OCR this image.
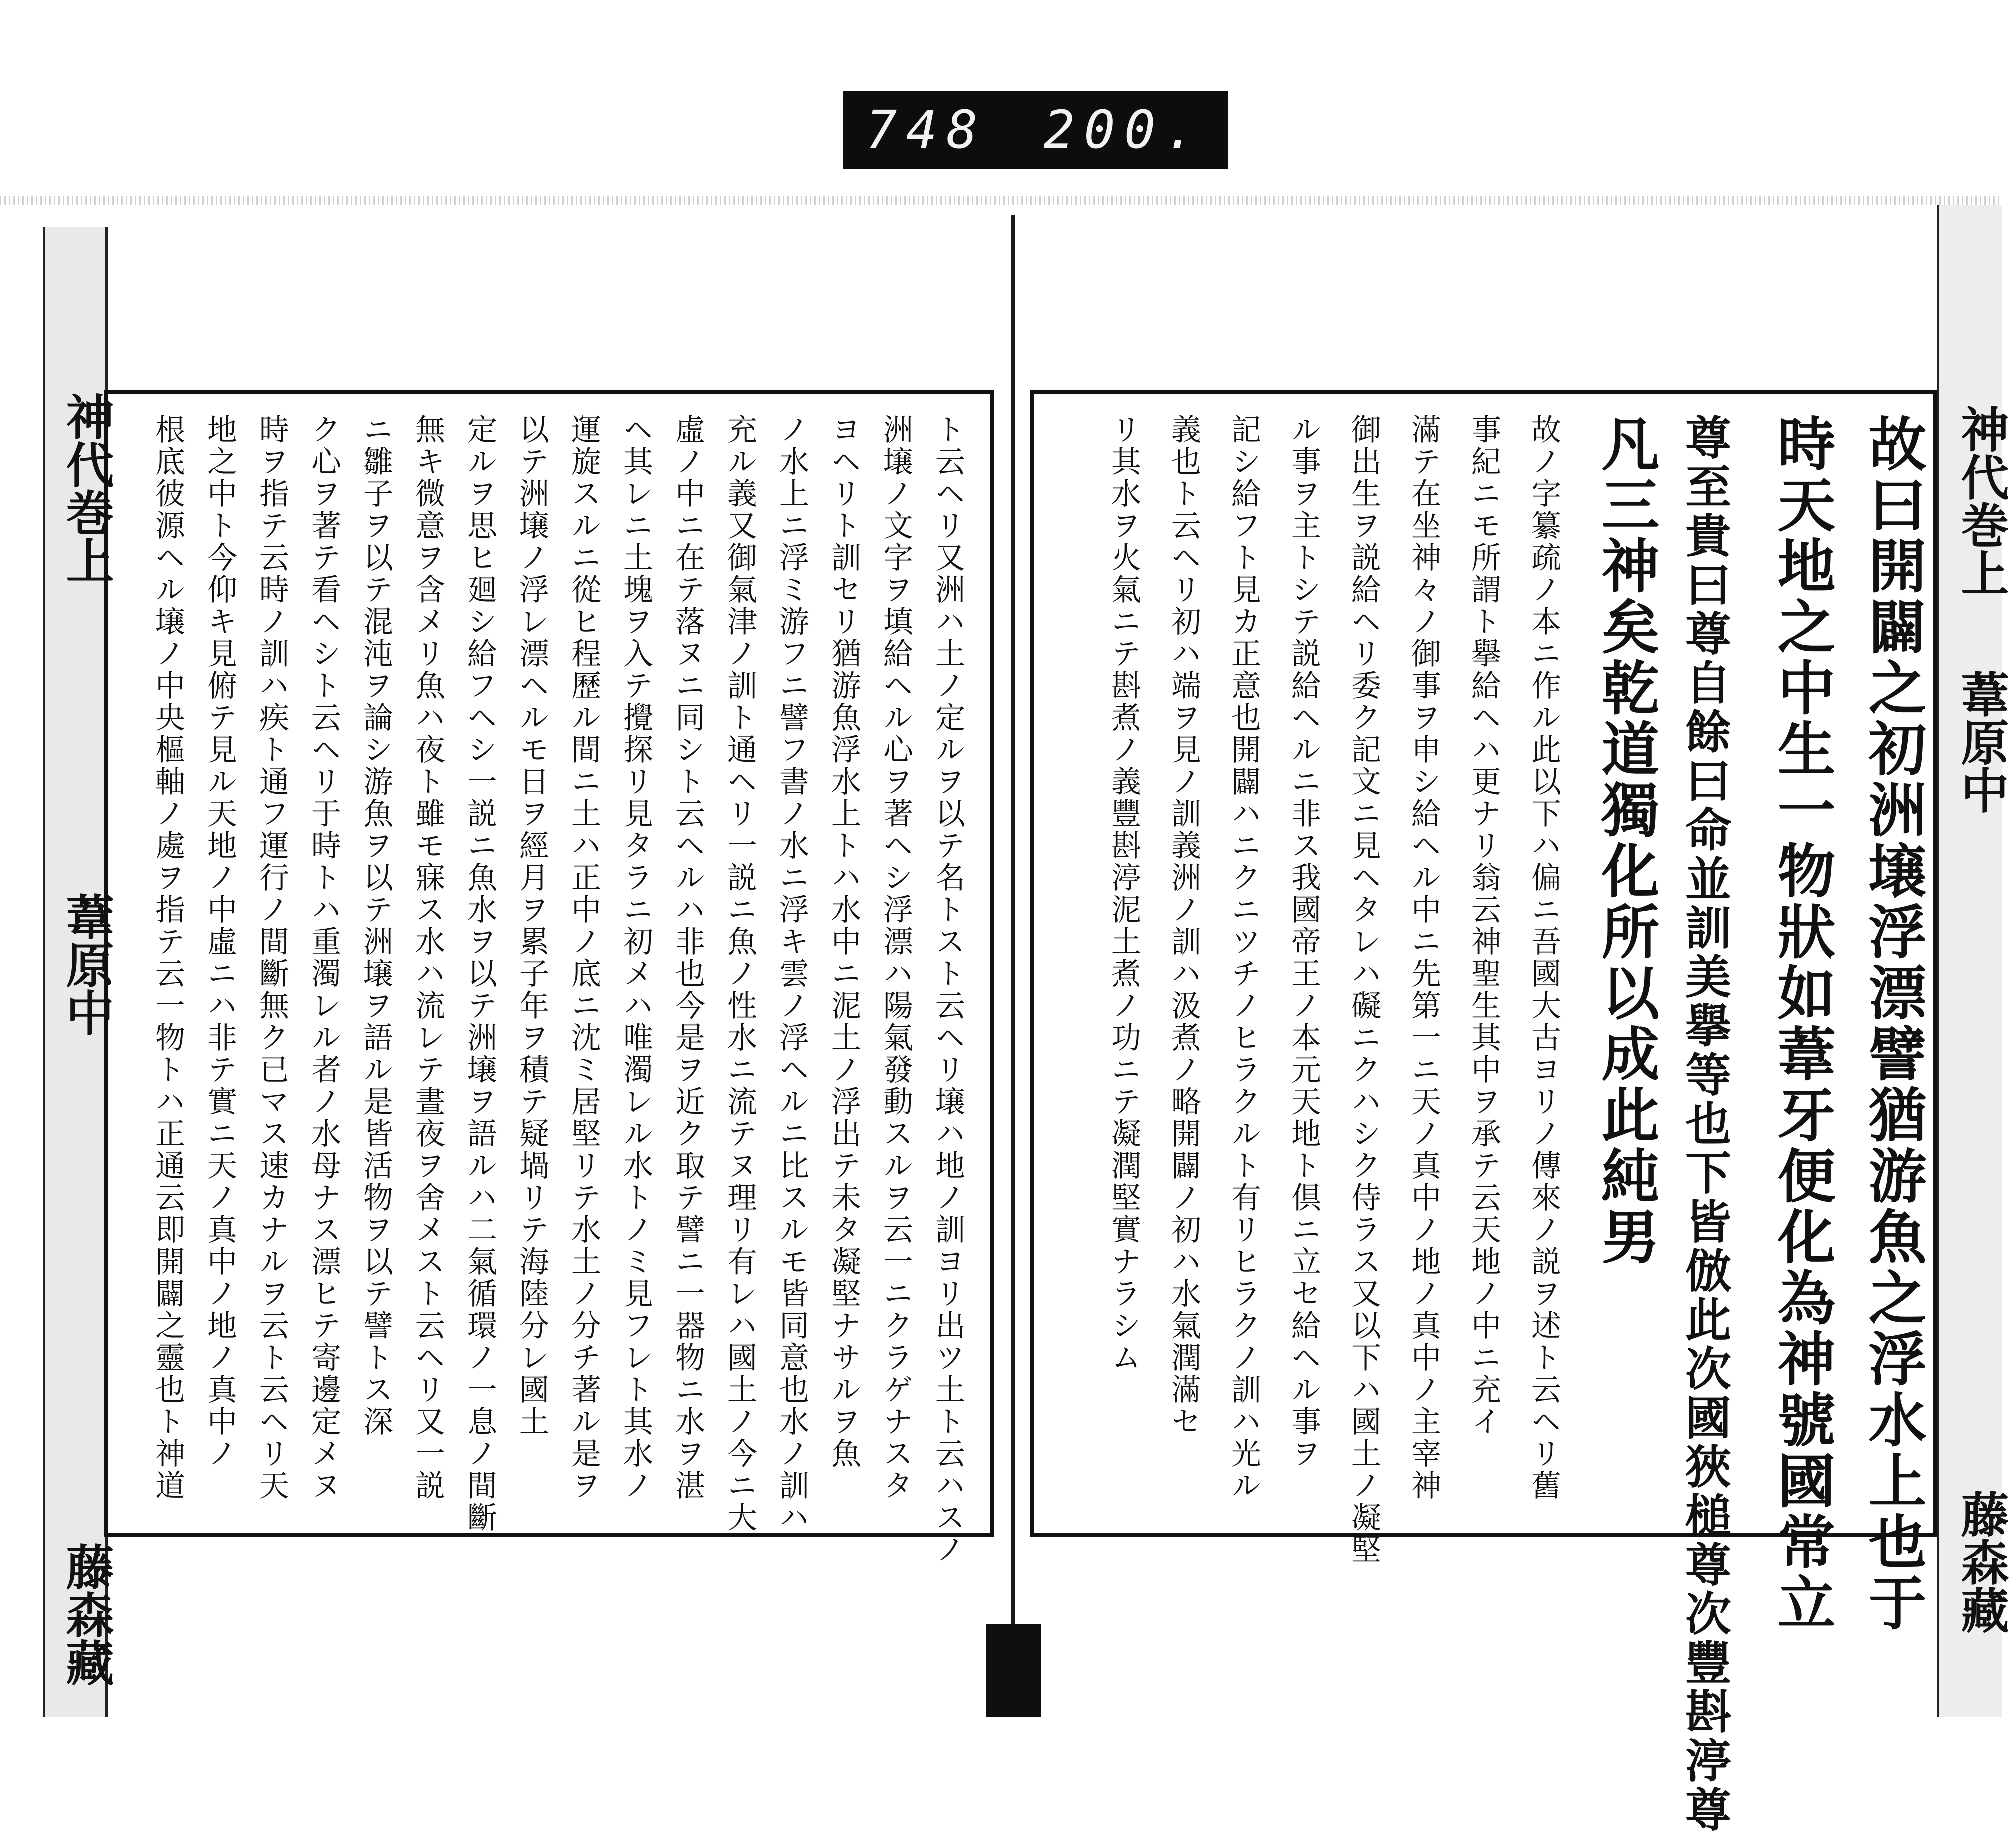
748 200.
神代巻上
葦原中
藤森藏
神代巻上
葦原中
藤森藏
故曰開闢之初洲壌浮漂譬猶游魚之浮水上也于
時天地之中生一物狀如葦牙便化為神號國常立
尊至貴曰尊自餘曰命並訓美擧等也下皆倣此次國狹槌尊次豐斟渟尊
凡三神矣乾道獨化所以成此純男
故ノ字纂疏ノ本ニ作ル此以下ハ偏ニ吾國大古ヨリノ傳來ノ説ヲ述ト云ヘリ舊
事紀ニモ所謂ト擧給ヘハ更ナリ翁云神聖生其中ヲ承テ云天地ノ中ニ充イ
滿テ在坐神々ノ御事ヲ申シ給ヘル中ニ先第一ニ天ノ真中ノ地ノ真中ノ主宰神
御出生ヲ説給ヘリ委ク記文ニ見ヘタレハ礙ニクハシク侍ラス又以下ハ國土ノ凝堅
ル事ヲ主トシテ説給ヘルニ非ス我國帝王ノ本元天地ト倶ニ立セ給ヘル事ヲ
記シ給フト見カ正意也開闢ハニクニツチノヒラクルト有リヒラクノ訓ハ光ル
義也ト云ヘリ初ハ端ヲ見ノ訓義洲ノ訓ハ汲煮ノ略開闢ノ初ハ水氣潤滿セ
リ其水ヲ火氣ニテ斟煮ノ義豐斟渟泥土煮ノ功ニテ凝潤堅實ナラシム
ト云ヘリ又洲ハ土ノ定ルヲ以テ名トスト云ヘリ壌ハ地ノ訓ヨリ出ツ土ト云ハスノ
洲壌ノ文字ヲ填給ヘル心ヲ著ヘシ浮漂ハ陽氣發動スルヲ云一ニクラゲナスタ
ヨヘリト訓セリ猶游魚浮水上トハ水中ニ泥土ノ浮出テ未タ凝堅ナサルヲ魚
ノ水上ニ浮ミ游フニ譬フ書ノ水ニ浮キ雲ノ浮ヘルニ比スルモ皆同意也水ノ訓ハ
充ル義又御氣津ノ訓ト通ヘリ一説ニ魚ノ性水ニ流テヌ理リ有レハ國土ノ今ニ大
虛ノ中ニ在テ落ヌニ同シト云ヘルハ非也今是ヲ近ク取テ譬ニ一器物ニ水ヲ湛
ヘ其レニ土塊ヲ入テ攪探リ見タラニ初メハ唯濁レル水トノミ見フレト其水ノ
運旋スルニ從ヒ程歷ル間ニ土ハ正中ノ底ニ沈ミ居堅リテ水土ノ分チ著ル是ヲ
以テ洲壌ノ浮レ漂ヘルモ日ヲ經月ヲ累子年ヲ積テ疑堝リテ海陸分レ國土
定ルヲ思ヒ廻シ給フヘシ一説ニ魚水ヲ以テ洲壌ヲ語ルハ二氣循環ノ一息ノ間斷
無キ微意ヲ含メリ魚ハ夜ト雖モ寐ス水ハ流レテ晝夜ヲ舍メスト云ヘリ又一説
ニ雛子ヲ以テ混沌ヲ論シ游魚ヲ以テ洲壌ヲ語ル是皆活物ヲ以テ譬トス深
ク心ヲ著テ看ヘシト云ヘリ于時トハ重濁レル者ノ水母ナス漂ヒテ寄邊定メヌ
時ヲ指テ云時ノ訓ハ疾ト通フ運行ノ間斷無ク已マス速カナルヲ云ト云ヘリ天
地之中ト今仰キ見俯テ見ル天地ノ中虛ニハ非テ實ニ天ノ真中ノ地ノ真中ノ
根底彼源ヘル壌ノ中央樞軸ノ處ヲ指テ云一物トハ正通云即開闢之靈也ト神道
